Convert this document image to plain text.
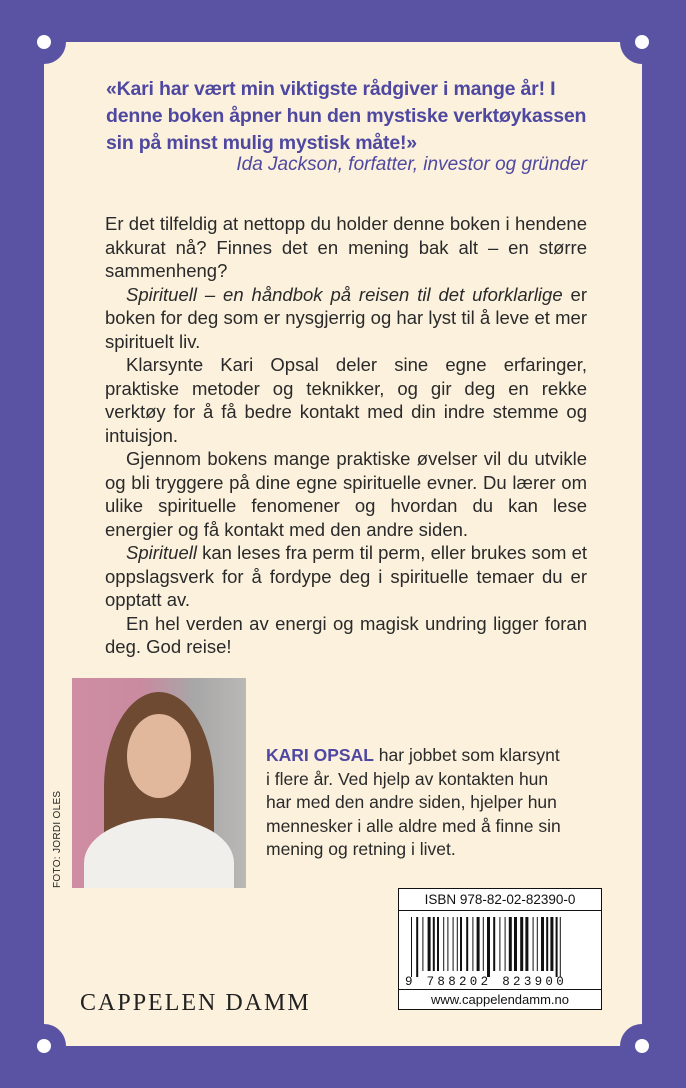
«Kari har vært min viktigste rådgiver i mange år! I denne boken åpner hun den mystiske verktøykassen sin på minst mulig mystisk måte!»
Ida Jackson, forfatter, investor og gründer

Er det tilfeldig at nettopp du holder denne boken i hendene akkurat nå? Finnes det en mening bak alt – en større sammenheng?

Spirituell – en håndbok på reisen til det uforklarlige er boken for deg som er nysgjerrig og har lyst til å leve et mer spirituelt liv.

Klarsynte Kari Opsal deler sine egne erfaringer, praktiske metoder og teknikker, og gir deg en rekke verktøy for å få bedre kontakt med din indre stemme og intuisjon.

Gjennom bokens mange praktiske øvelser vil du utvikle og bli tryggere på dine egne spirituelle evner. Du lærer om ulike spirituelle fenomener og hvordan du kan lese energier og få kontakt med den andre siden.

Spirituell kan leses fra perm til perm, eller brukes som et oppslagsverk for å fordype deg i spirituelle temaer du er opptatt av.

En hel verden av energi og magisk undring ligger foran deg. God reise!

FOTO: JORDI OLES
KARI OPSAL har jobbet som klarsynt i flere år. Ved hjelp av kontakten hun har med den andre siden, hjelper hun mennesker i alle aldre med å finne sin mening og retning i livet.
CAPPELEN DAMM
ISBN 978-82-02-82390-0
9 788202 823900
www.cappelendamm.no
